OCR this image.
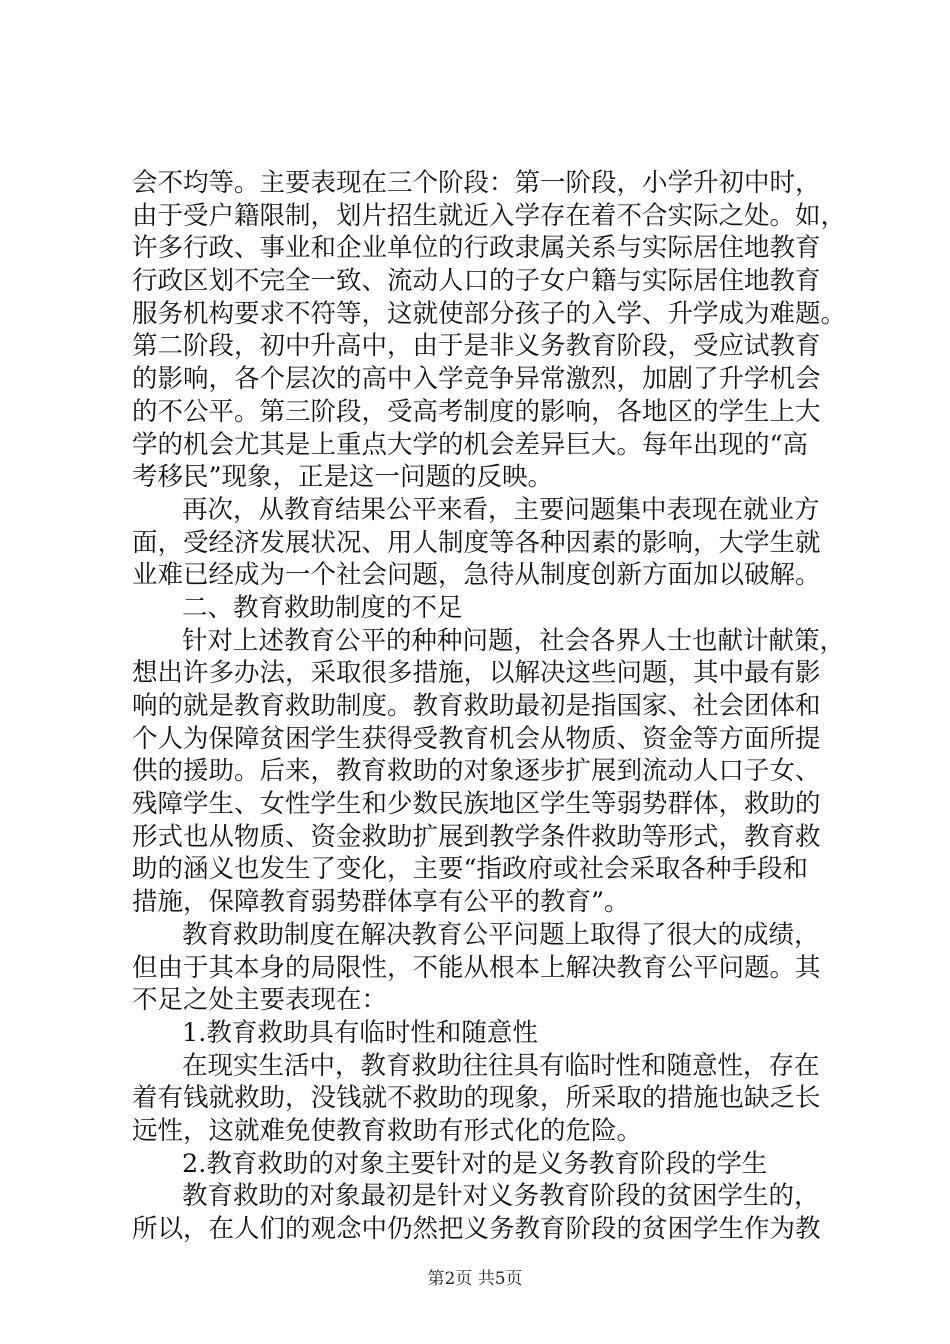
会不均等。主要表现在三个阶段：第一阶段，小学升初中时，
由于受户籍限制，划片招生就近入学存在着不合实际之处。如，
许多行政、事业和企业单位的行政隶属关系与实际居住地教育
行政区划不完全一致、流动人口的子女户籍与实际居住地教育
服务机构要求不符等，这就使部分孩子的入学、升学成为难题。
第二阶段，初中升高中，由于是非义务教育阶段，受应试教育
的影响，各个层次的高中入学竞争异常激烈，加剧了升学机会
的不公平。第三阶段，受高考制度的影响，各地区的学生上大
学的机会尤其是上重点大学的机会差异巨大。每年出现的“高
考移民”现象，正是这一问题的反映。
再次，从教育结果公平来看，主要问题集中表现在就业方
面，受经济发展状况、用人制度等各种因素的影响，大学生就
业难已经成为一个社会问题，急待从制度创新方面加以破解。
二、教育救助制度的不足
针对上述教育公平的种种问题，社会各界人士也献计献策，
想出许多办法，采取很多措施，以解决这些问题，其中最有影
响的就是教育救助制度。教育救助最初是指国家、社会团体和
个人为保障贫困学生获得受教育机会从物质、资金等方面所提
供的援助。后来，教育救助的对象逐步扩展到流动人口子女、
残障学生、女性学生和少数民族地区学生等弱势群体，救助的
形式也从物质、资金救助扩展到教学条件救助等形式，教育救
助的涵义也发生了变化，主要“指政府或社会采取各种手段和
措施，保障教育弱势群体享有公平的教育”。
教育救助制度在解决教育公平问题上取得了很大的成绩，
但由于其本身的局限性，不能从根本上解决教育公平问题。其
不足之处主要表现在：
1.教育救助具有临时性和随意性
在现实生活中，教育救助往往具有临时性和随意性，存在
着有钱就救助，没钱就不救助的现象，所采取的措施也缺乏长
远性，这就难免使教育救助有形式化的危险。
2.教育救助的对象主要针对的是义务教育阶段的学生
教育救助的对象最初是针对义务教育阶段的贫困学生的，
所以，在人们的观念中仍然把义务教育阶段的贫困学生作为教
第2页 共5页
